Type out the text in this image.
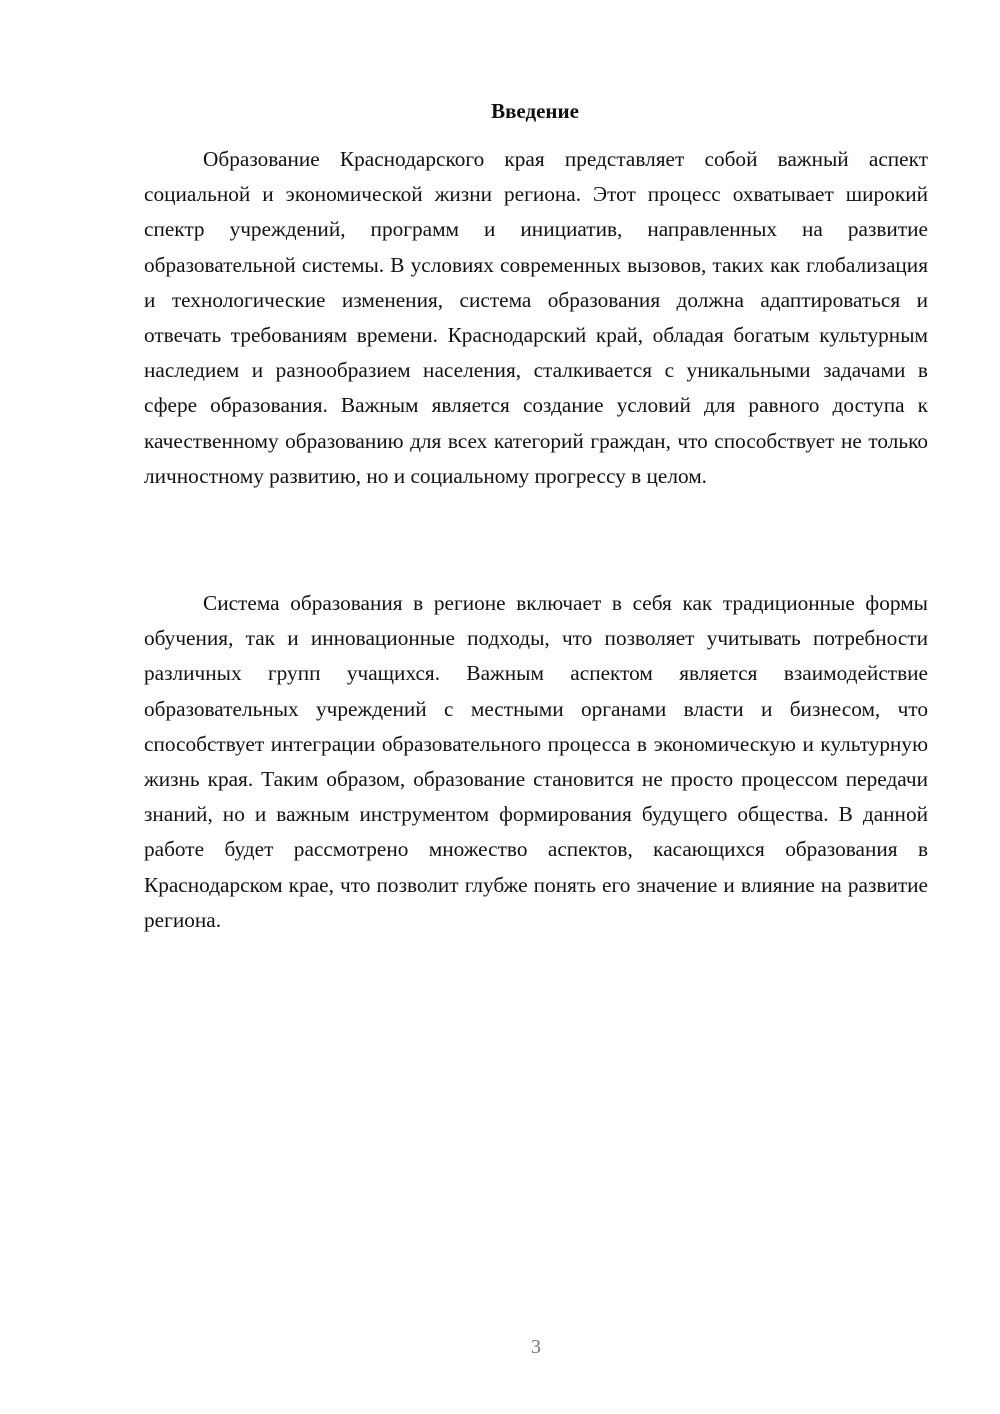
Введение

Образование Краснодарского края представляет собой важный аспект социальной и экономической жизни региона. Этот процесс охватывает широкий спектр учреждений, программ и инициатив, направленных на развитие образовательной системы. В условиях современных вызовов, таких как глобализация и технологические изменения, система образования должна адаптироваться и отвечать требованиям времени. Краснодарский край, обладая богатым культурным наследием и разнообразием населения, сталкивается с уникальными задачами в сфере образования. Важным является создание условий для равного доступа к качественному образованию для всех категорий граждан, что способствует не только личностному развитию, но и социальному прогрессу в целом.

Система образования в регионе включает в себя как традиционные формы обучения, так и инновационные подходы, что позволяет учитывать потребности различных групп учащихся. Важным аспектом является взаимодействие образовательных учреждений с местными органами власти и бизнесом, что способствует интеграции образовательного процесса в экономическую и культурную жизнь края. Таким образом, образование становится не просто процессом передачи знаний, но и важным инструментом формирования будущего общества. В данной работе будет рассмотрено множество аспектов, касающихся образования в Краснодарском крае, что позволит глубже понять его значение и влияние на развитие региона.

3
